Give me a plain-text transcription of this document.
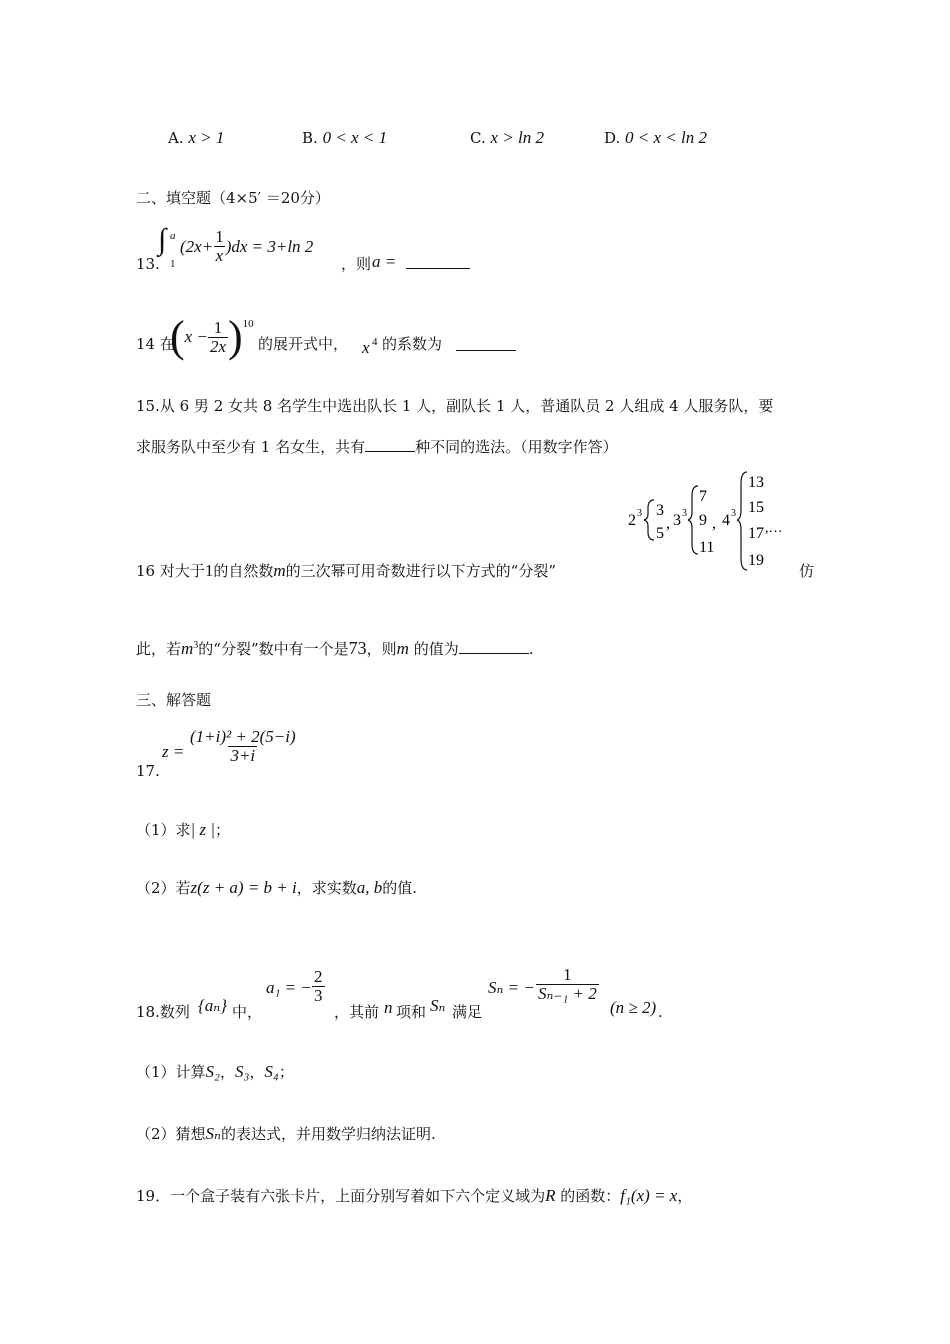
A. x > 1	B. 0 < x < 1	C. x > ln 2	D. 0 < x < ln 2
二、填空题（4×5′ ＝20分）
13.
∫ a
1
$(2x+ \frac{1}{x} )dx = 3+\ln$ 2
，则 a =
14 在
( $x - \frac{1}{2x}$ ) 10
的展开式中， x 4 的系数为
15.从 6 男 2 女共 8 名学生中选出队长 1 人，副队长 1 人，普通队员 2 人组成 4 人服务队，要
求服务队中至少有 1 名女生，共有	种不同的选法。（用数字作答）
2 3 3
5
, 3 3
7
9
11
, 4 3
13
15
17
19
,…
16 对大于1的自然数m的三次幂可用奇数进行以下方式的“分裂”	仿
此，若$m^3$的“分裂”数中有一个是73，则m 的值为	.
三、解答题
17.
$z = \frac{\text{(1+i)² + 2(5−i)}}{3+i}$
（1）求| z |；
（2）若z(z + a) = b + i，求实数a, b的值.
18.数列 {aₙ} 中，
a₁ = − $\frac{2}{3}$
，其前 n 项和 Sₙ 满足
Sₙ = − $\frac{1}{\text{Sₙ₋₁ + 2}}$
(n ≥ 2) .
（1）计算S₂，S₃，S₄；
（2）猜想Sₙ的表达式，并用数学归纳法证明.
19．一个盒子装有六张卡片，上面分别写着如下六个定义域为R 的函数：f₁(x) = x，
